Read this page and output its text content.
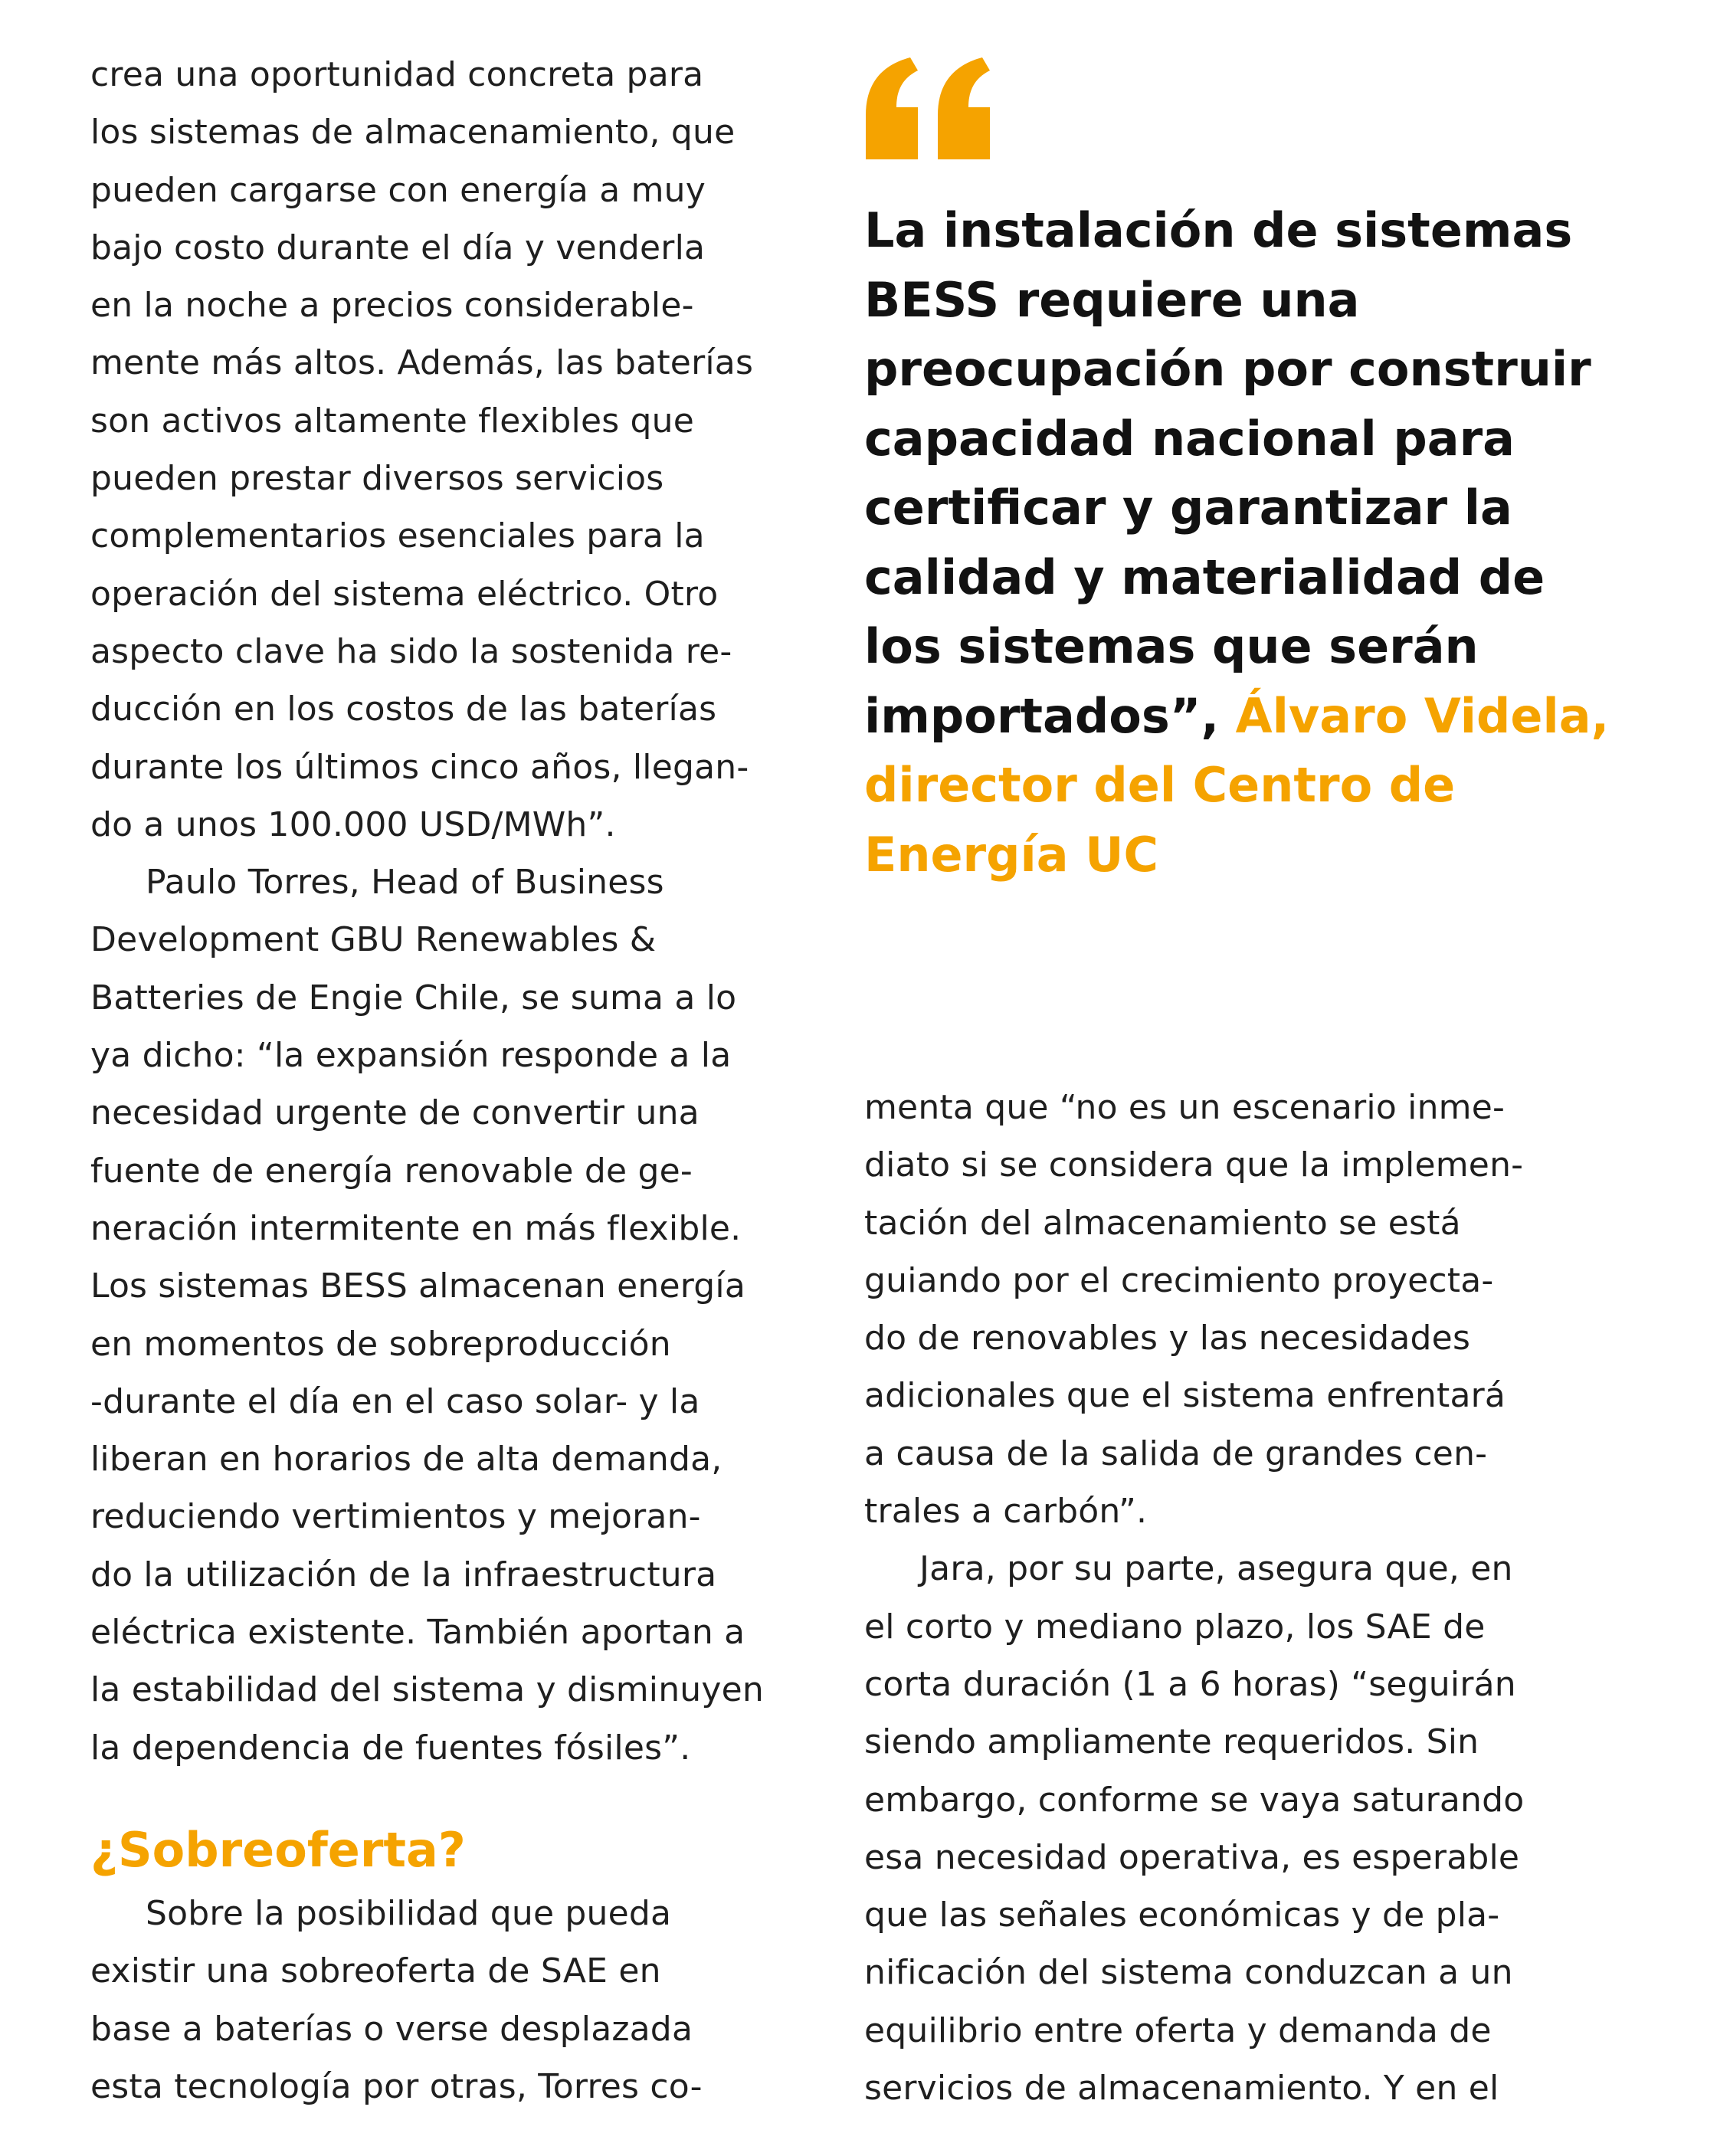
crea una oportunidad concreta para
los sistemas de almacenamiento, que
pueden cargarse con energía a muy
bajo costo durante el día y venderla
en la noche a precios considerable-
mente más altos. Además, las baterías
son activos altamente flexibles que
pueden prestar diversos servicios
complementarios esenciales para la
operación del sistema eléctrico. Otro
aspecto clave ha sido la sostenida re-
ducción en los costos de las baterías
durante los últimos cinco años, llegan-
do a unos 100.000 USD/MWh”.
Paulo Torres, Head of Business
Development GBU Renewables &
Batteries de Engie Chile, se suma a lo
ya dicho: “la expansión responde a la
necesidad urgente de convertir una
fuente de energía renovable de ge-
neración intermitente en más flexible.
Los sistemas BESS almacenan energía
en momentos de sobreproducción
-durante el día en el caso solar- y la
liberan en horarios de alta demanda,
reduciendo vertimientos y mejoran-
do la utilización de la infraestructura
eléctrica existente. También aportan a
la estabilidad del sistema y disminuyen
la dependencia de fuentes fósiles”.
¿Sobreoferta?
Sobre la posibilidad que pueda
existir una sobreoferta de SAE en
base a baterías o verse desplazada
esta tecnología por otras, Torres co-
La instalación de sistemas
BESS requiere una
preocupación por construir
capacidad nacional para
certificar y garantizar la
calidad y materialidad de
los sistemas que serán
importados”, Álvaro Videla,
director del Centro de
Energía UC
menta que “no es un escenario inme-
diato si se considera que la implemen-
tación del almacenamiento se está
guiando por el crecimiento proyecta-
do de renovables y las necesidades
adicionales que el sistema enfrentará
a causa de la salida de grandes cen-
trales a carbón”.
Jara, por su parte, asegura que, en
el corto y mediano plazo, los SAE de
corta duración (1 a 6 horas) “seguirán
siendo ampliamente requeridos. Sin
embargo, conforme se vaya saturando
esa necesidad operativa, es esperable
que las señales económicas y de pla-
nificación del sistema conduzcan a un
equilibrio entre oferta y demanda de
servicios de almacenamiento. Y en el
